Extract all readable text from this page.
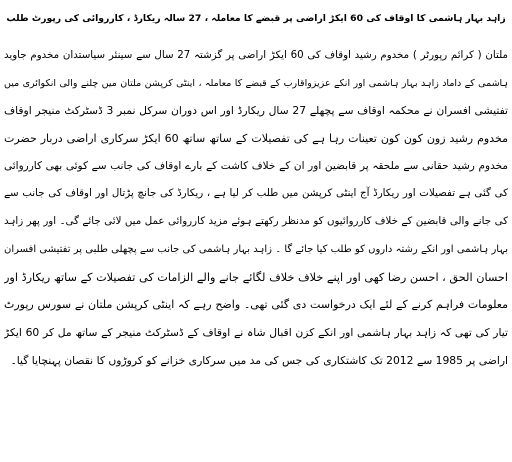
زاہد بہار ہاشمی کا اوقاف کی 60 ایکڑ اراضی پر قبضے کا معاملہ ، 27 سالہ ریکارڈ ، کارروائی کی رپورٹ طلب
ملتان ( کرائم رپورٹر ) مخدوم رشید اوقاف کی 60 ایکڑ اراضی پر گزشتہ 27 سال سے سینئر سیاستدان مخدوم جاوید
ہاشمی کے داماد زاہد بہار ہاشمی اور انکے عزیزواقارب کے قبضے کا معاملہ ، اینٹی کرپشن ملتان میں چلنے والی انکوائری میں
تفتیشی افسران نے محکمہ اوقاف سے پچھلے 27 سال ریکارڈ اور اس دوران سرکل نمبر 3 ڈسٹرکٹ منیجر اوقاف
مخدوم رشید زون کون کون تعینات رہا ہے کی تفصیلات کے ساتھ ساتھ 60 ایکڑ سرکاری اراضی دربار حضرت
مخدوم رشید حقانی سے ملحقہ پر قابضین اور ان کے خلاف کاشت کے بارے اوقاف کی جانب سے کوئی بھی کارروائی
کی گئی ہے تفصیلات اور ریکارڈ آج اینٹی کرپشن میں طلب کر لیا ہے ، ریکارڈ کی جانچ پڑتال اور اوقاف کی جانب سے
کی جانے والی قابضین کے خلاف کارروائیوں کو مدنظر رکھتے ہوئے مزید کارروائی عمل میں لائی جائے گی۔ اور پھر زاہد
بہار ہاشمی اور انکے رشتہ داروں کو طلب کیا جائے گا ۔ زاہد بہار ہاشمی کی جانب سے پچھلی طلبی پر تفتیشی افسران
احسان الحق ، احسن رضا کھی اور اپنے خلاف خلاف لگائے جانے والے الزامات کی تفصیلات کے ساتھ ریکارڈ اور
معلومات فراہم کرنے کے لئے ایک درخواست دی گئی تھی۔ واضح رہے کہ اینٹی کرپشن ملتان نے سورس رپورٹ
تیار کی تھی کہ زاہد بہار ہاشمی اور انکے کزن اقبال شاہ نے اوقاف کے ڈسٹرکٹ منیجر کے ساتھ مل کر 60 ایکڑ
اراضی پر 1985 سے 2012 تک کاشتکاری کی جس کی مد میں سرکاری خزانے کو کروڑوں کا نقصان پہنچایا گیا۔
